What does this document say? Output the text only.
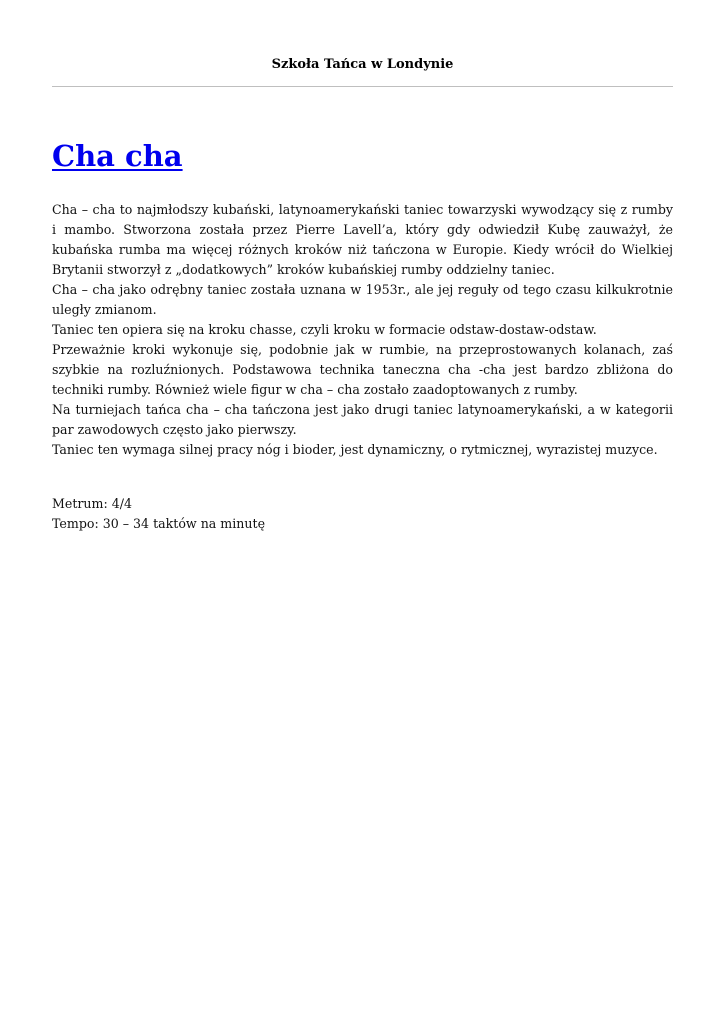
Szkoła Tańca w Londynie
Cha cha

Cha – cha to najmłodszy kubański, latynoamerykański taniec towarzyski wywodzący się z rumby i mambo. Stworzona została przez Pierre Lavell’a, który gdy odwiedził Kubę zauważył, że kubańska rumba ma więcej różnych kroków niż tańczona w Europie. Kiedy wrócił do Wielkiej Brytanii stworzył z „dodatkowych” kroków kubańskiej rumby oddzielny taniec.

Cha – cha jako odrębny taniec została uznana w 1953r., ale jej reguły od tego czasu kilkukrotnie uległy zmianom.

Taniec ten opiera się na kroku chasse, czyli kroku w formacie odstaw-dostaw-odstaw.

Przeważnie kroki wykonuje się, podobnie jak w rumbie, na przeprostowanych kolanach, zaś szybkie na rozluźnionych. Podstawowa technika taneczna cha -cha jest bardzo zbliżona do techniki rumby. Również wiele figur w cha – cha zostało zaadoptowanych z rumby.

Na turniejach tańca cha – cha tańczona jest jako drugi taniec latynoamerykański, a w kategorii par zawodowych często jako pierwszy.

Taniec ten wymaga silnej pracy nóg i bioder, jest dynamiczny, o rytmicznej, wyrazistej muzyce.

Metrum: 4/4

Tempo: 30 – 34 taktów na minutę
